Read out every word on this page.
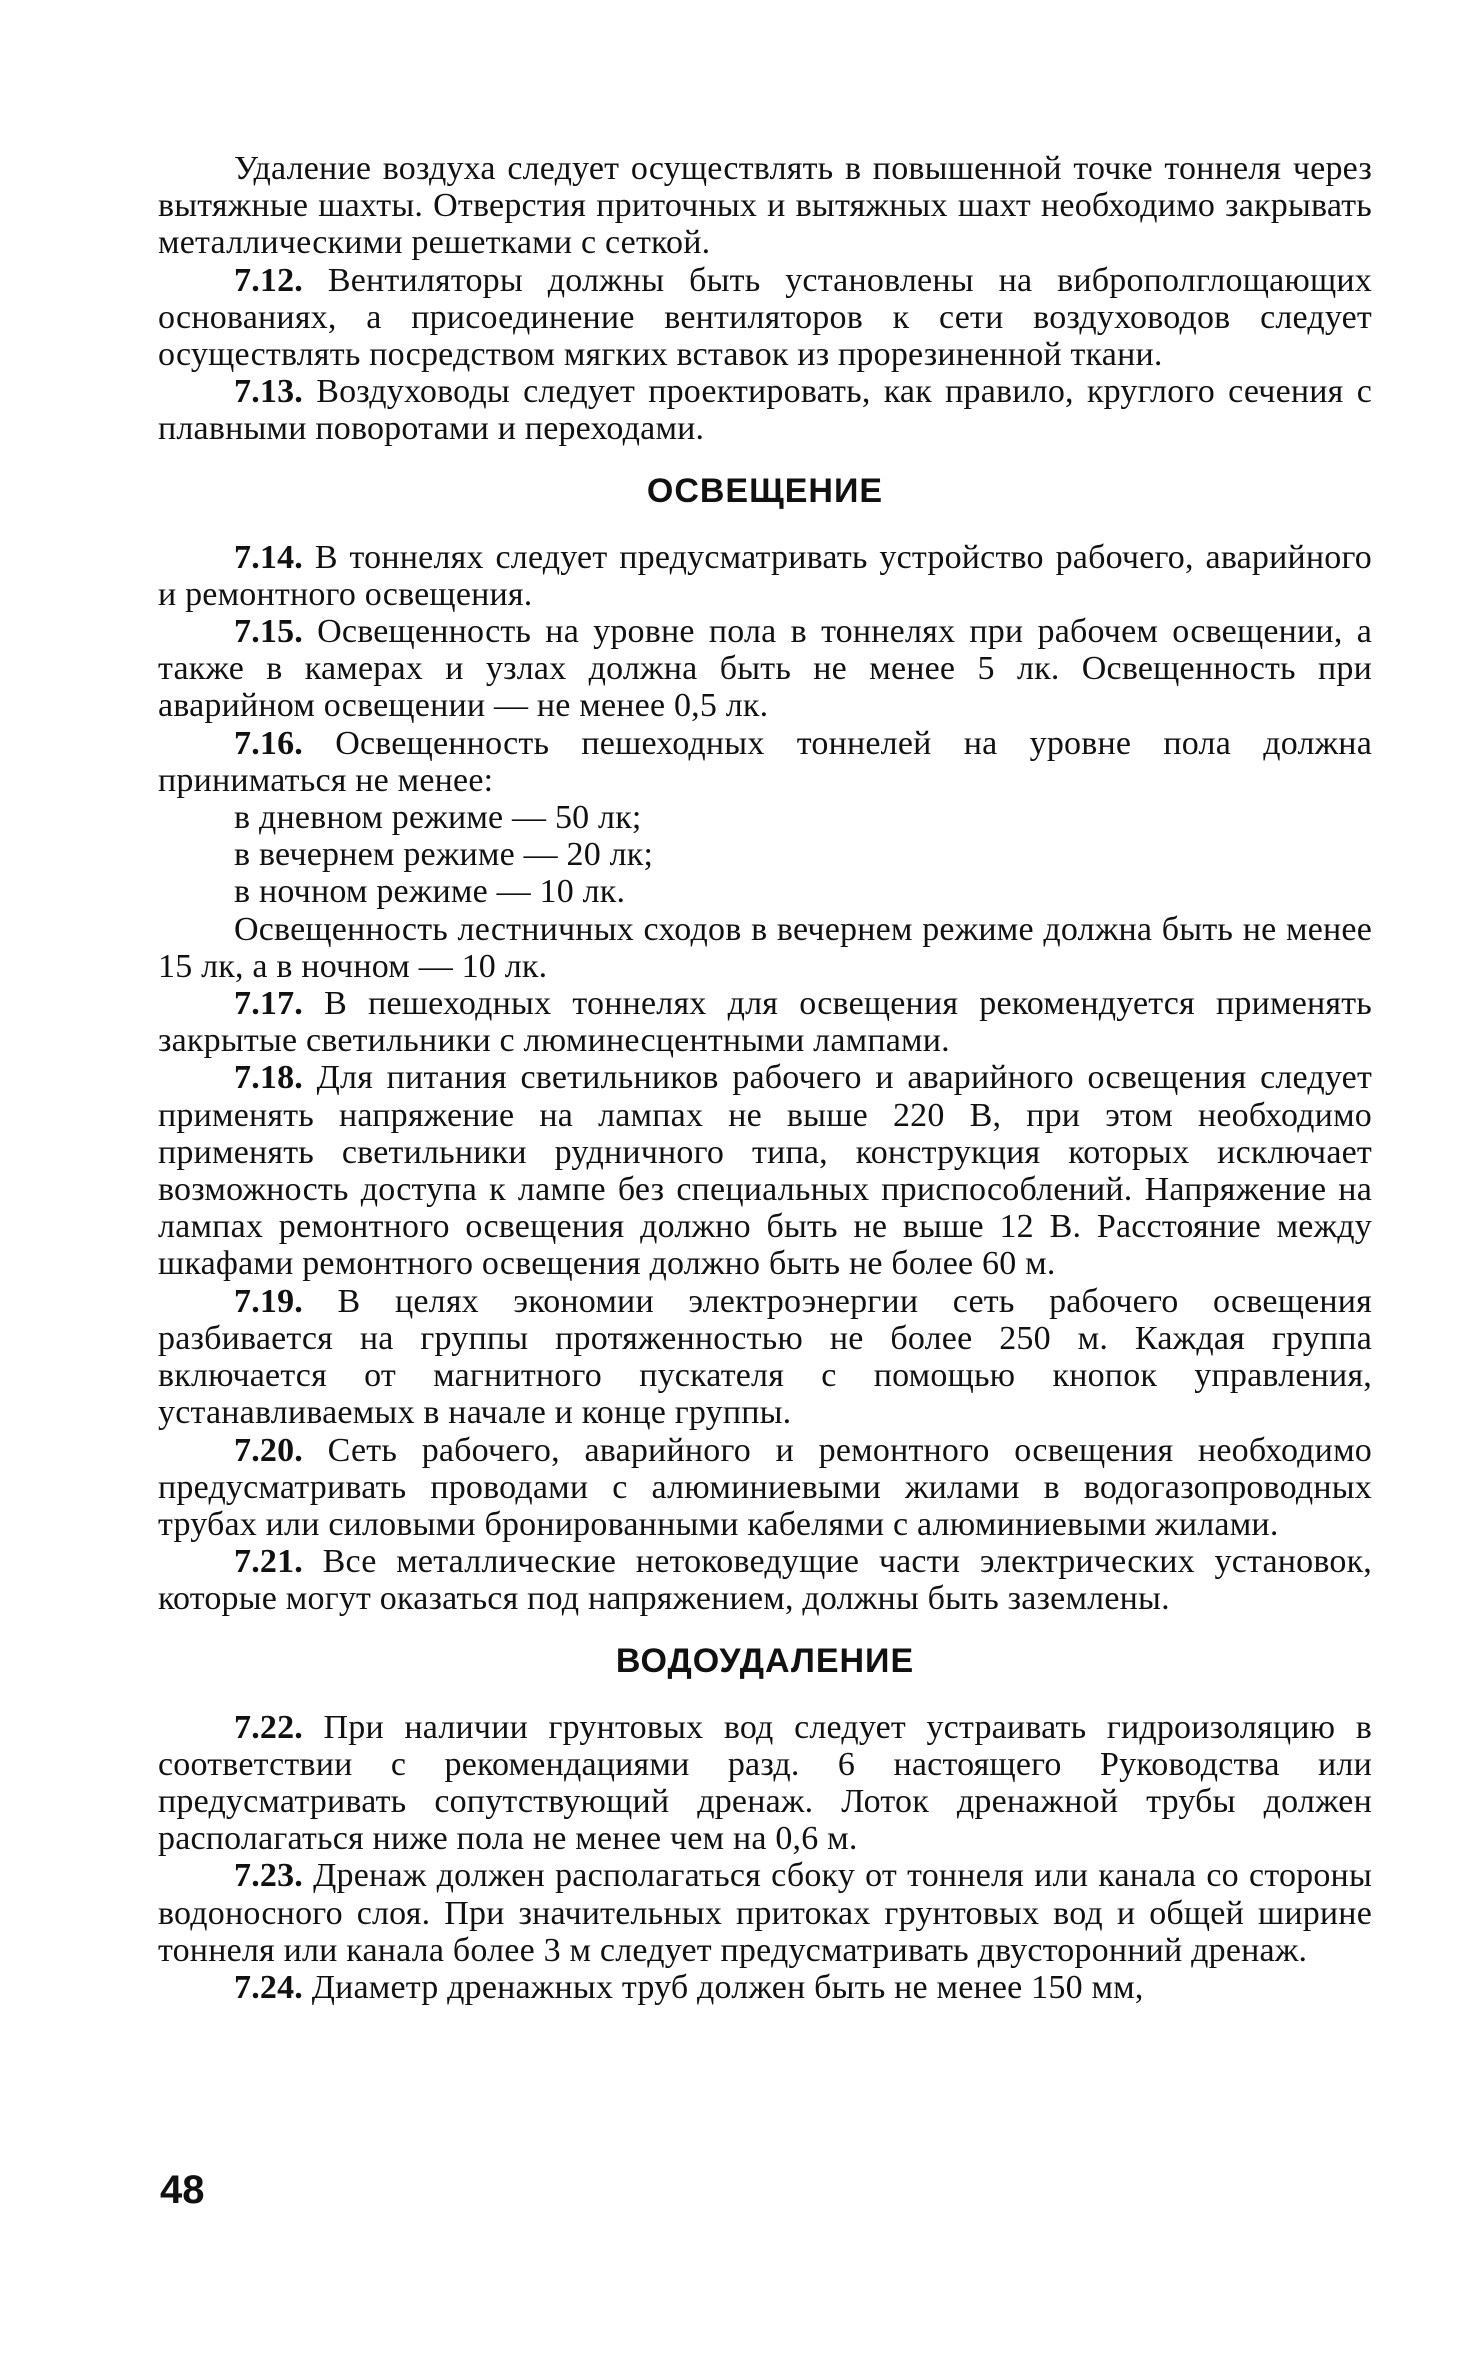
Удаление воздуха следует осуществлять в повышенной точке тоннеля через вытяжные шахты. Отверстия приточных и вытяжных шахт необходимо закрывать металлическими решетками с сеткой.

7.12. Вентиляторы должны быть установлены на виброполглощающих основаниях, а присоединение вентиляторов к сети воздуховодов следует осуществлять посредством мягких вставок из прорезиненной ткани.

7.13. Воздуховоды следует проектировать, как правило, круглого сечения с плавными поворотами и переходами.

ОСВЕЩЕНИЕ

7.14. В тоннелях следует предусматривать устройство рабочего, аварийного и ремонтного освещения.

7.15. Освещенность на уровне пола в тоннелях при рабочем освещении, а также в камерах и узлах должна быть не менее 5 лк. Освещенность при аварийном освещении — не менее 0,5 лк.

7.16. Освещенность пешеходных тоннелей на уровне пола должна приниматься не менее:

в дневном режиме — 50 лк;

в вечернем режиме — 20 лк;

в ночном режиме — 10 лк.

Освещенность лестничных сходов в вечернем режиме должна быть не менее 15 лк, а в ночном — 10 лк.

7.17. В пешеходных тоннелях для освещения рекомендуется применять закрытые светильники с люминесцентными лампами.

7.18. Для питания светильников рабочего и аварийного освещения следует применять напряжение на лампах не выше 220 В, при этом необходимо применять светильники рудничного типа, конструкция которых исключает возможность доступа к лампе без специальных приспособлений. Напряжение на лампах ремонтного освещения должно быть не выше 12 В. Расстояние между шкафами ремонтного освещения должно быть не более 60 м.

7.19. В целях экономии электроэнергии сеть рабочего освещения разбивается на группы протяженностью не более 250 м. Каждая группа включается от магнитного пускателя с помощью кнопок управления, устанавливаемых в начале и конце группы.

7.20. Сеть рабочего, аварийного и ремонтного освещения необходимо предусматривать проводами с алюминиевыми жилами в водогазопроводных трубах или силовыми бронированными кабелями с алюминиевыми жилами.

7.21. Все металлические нетоковедущие части электрических установок, которые могут оказаться под напряжением, должны быть заземлены.

ВОДОУДАЛЕНИЕ

7.22. При наличии грунтовых вод следует устраивать гидроизоляцию в соответствии с рекомендациями разд. 6 настоящего Руководства или предусматривать сопутствующий дренаж. Лоток дренажной трубы должен располагаться ниже пола не менее чем на 0,6 м.

7.23. Дренаж должен располагаться сбоку от тоннеля или канала со стороны водоносного слоя. При значительных притоках грунтовых вод и общей ширине тоннеля или канала более 3 м следует предусматривать двусторонний дренаж.

7.24. Диаметр дренажных труб должен быть не менее 150 мм,

48
